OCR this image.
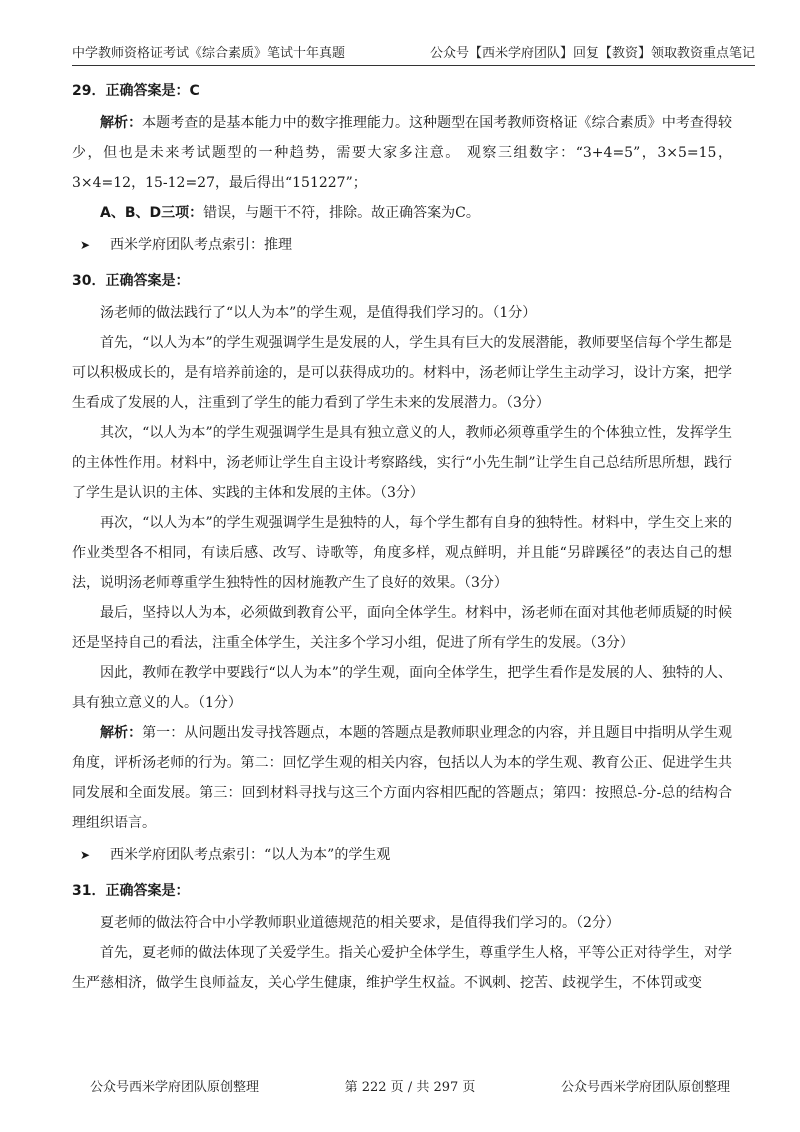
中学教师资格证考试《综合素质》笔试十年真题	公众号【西米学府团队】回复【教资】领取教资重点笔记
29．正确答案是：C

解析：本题考查的是基本能力中的数字推理能力。这种题型在国考教师资格证《综合素质》中考查得较少，但也是未来考试题型的一种趋势，需要大家多注意。 观察三组数字：“3+4=5”，3×5=15，3×4=12，15-12=27，最后得出“151227”；

A、B、D三项：错误，与题干不符，排除。故正确答案为C。

➤ 西米学府团队考点索引：推理
30．正确答案是：

汤老师的做法践行了“以人为本”的学生观，是值得我们学习的。（1分）

首先，“以人为本”的学生观强调学生是发展的人，学生具有巨大的发展潜能，教师要坚信每个学生都是可以积极成长的，是有培养前途的，是可以获得成功的。材料中，汤老师让学生主动学习，设计方案，把学生看成了发展的人，注重到了学生的能力看到了学生未来的发展潜力。（3分）

其次，“以人为本”的学生观强调学生是具有独立意义的人，教师必须尊重学生的个体独立性，发挥学生的主体性作用。材料中，汤老师让学生自主设计考察路线，实行“小先生制”让学生自己总结所思所想，践行了学生是认识的主体、实践的主体和发展的主体。（3分）

再次，“以人为本”的学生观强调学生是独特的人，每个学生都有自身的独特性。材料中，学生交上来的作业类型各不相同，有读后感、改写、诗歌等，角度多样，观点鲜明，并且能“另辟蹊径”的表达自己的想法，说明汤老师尊重学生独特性的因材施教产生了良好的效果。（3分）

最后，坚持以人为本，必须做到教育公平，面向全体学生。材料中，汤老师在面对其他老师质疑的时候还是坚持自己的看法，注重全体学生，关注多个学习小组，促进了所有学生的发展。（3分）

因此，教师在教学中要践行“以人为本”的学生观，面向全体学生，把学生看作是发展的人、独特的人、具有独立意义的人。（1分）

解析：第一：从问题出发寻找答题点，本题的答题点是教师职业理念的内容，并且题目中指明从学生观角度，评析汤老师的行为。第二：回忆学生观的相关内容，包括以人为本的学生观、教育公正、促进学生共同发展和全面发展。第三：回到材料寻找与这三个方面内容相匹配的答题点；第四：按照总-分-总的结构合理组织语言。

➤ 西米学府团队考点索引：“以人为本”的学生观
31．正确答案是：

夏老师的做法符合中小学教师职业道德规范的相关要求，是值得我们学习的。（2分）

首先，夏老师的做法体现了关爱学生。指关心爱护全体学生，尊重学生人格，平等公正对待学生，对学生严慈相济，做学生良师益友，关心学生健康，维护学生权益。不讽刺、挖苦、歧视学生，不体罚或变

公众号西米学府团队原创整理	第 222 页 / 共 297 页	公众号西米学府团队原创整理
